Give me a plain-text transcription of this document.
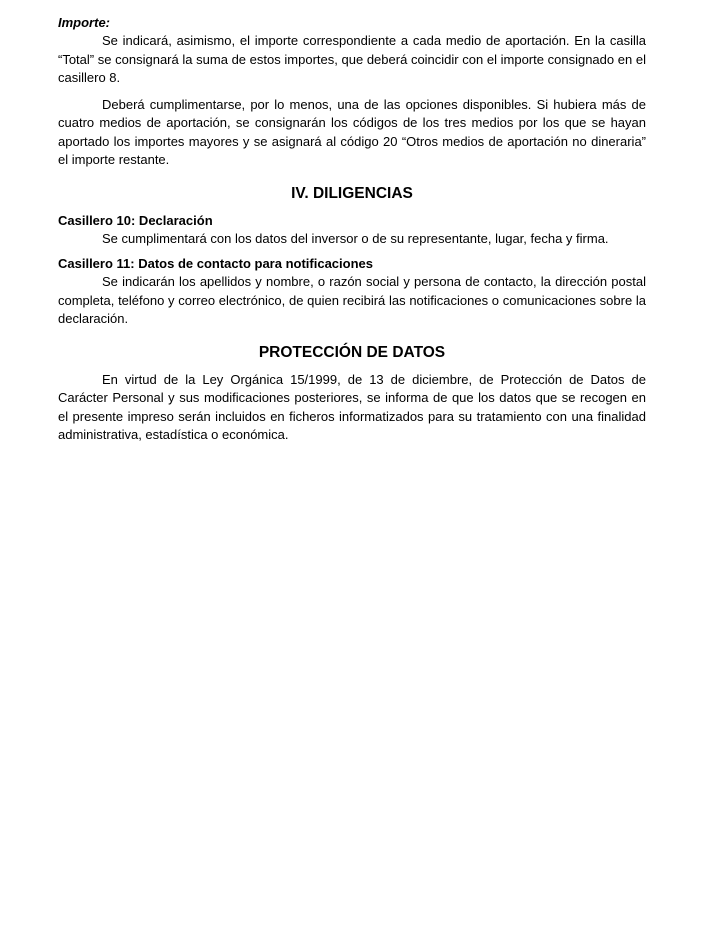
Importe:

Se indicará, asimismo, el importe correspondiente a cada medio de aportación. En la casilla “Total” se consignará la suma de estos importes, que deberá coincidir con el importe consignado en el casillero 8.

Deberá cumplimentarse, por lo menos, una de las opciones disponibles. Si hubiera más de cuatro medios de aportación, se consignarán los códigos de los tres medios por los que se hayan aportado los importes mayores y se asignará al código 20 “Otros medios de aportación no dineraria” el importe restante.

IV. DILIGENCIAS

Casillero 10: Declaración

Se cumplimentará con los datos del inversor o de su representante, lugar, fecha y firma.

Casillero 11: Datos de contacto para notificaciones

Se indicarán los apellidos y nombre, o razón social y persona de contacto, la dirección postal completa, teléfono y correo electrónico, de quien recibirá las notificaciones o comunicaciones sobre la declaración.

PROTECCIÓN DE DATOS

En virtud de la Ley Orgánica 15/1999, de 13 de diciembre, de Protección de Datos de Carácter Personal y sus modificaciones posteriores, se informa de que los datos que se recogen en el presente impreso serán incluidos en ficheros informatizados para su tratamiento con una finalidad administrativa, estadística o económica.
